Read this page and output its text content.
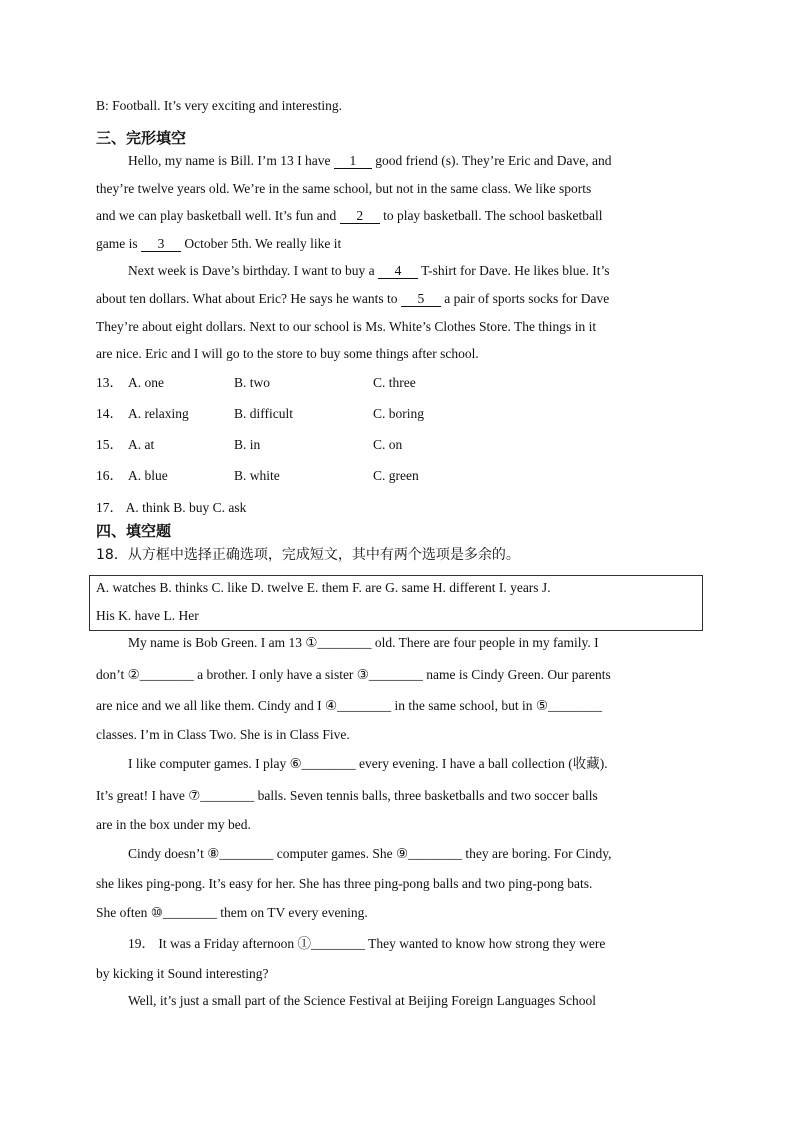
B: Football. It’s very exciting and interesting.
三、完形填空
Hello, my name is Bill. I’m 13 I have 1 good friend (s). They’re Eric and Dave, and
they’re twelve years old. We’re in the same school, but not in the same class. We like sports
and we can play basketball well. It’s fun and 2 to play basketball. The school basketball
game is 3 October 5th. We really like it
Next week is Dave’s birthday. I want to buy a 4 T-shirt for Dave. He likes blue. It’s
about ten dollars. What about Eric? He says he wants to 5 a pair of sports socks for Dave
They’re about eight dollars. Next to our school is Ms. White’s Clothes Store. The things in it
are nice. Eric and I will go to the store to buy some things after school.
13． A. one	B. two	C. three
14． A. relaxing	B. difficult	C. boring
15． A. at	B. in	C. on
16． A. blue	B. white	C. green
17． A. think B. buy C. ask
四、填空题
18．从方框中选择正确选项，完成短文，其中有两个选项是多余的。
A. watches B. thinks C. like D. twelve E. them F. are G. same H. different I. years J.
His K. have L. Her
My name is Bob Green. I am 13 ①________ old. There are four people in my family. I
don’t ②________ a brother. I only have a sister ③________ name is Cindy Green. Our parents
are nice and we all like them. Cindy and I ④________ in the same school, but in ⑤________
classes. I’m in Class Two. She is in Class Five.
I like computer games. I play ⑥________ every evening. I have a ball collection (收藏).
It’s great! I have ⑦________ balls. Seven tennis balls, three basketballs and two soccer balls
are in the box under my bed.
Cindy doesn’t ⑧________ computer games. She ⑨________ they are boring. For Cindy,
she likes ping-pong. It’s easy for her. She has three ping-pong balls and two ping-pong bats.
She often ⑩________ them on TV every evening.
19． It was a Friday afternoon ①________ They wanted to know how strong they were
by kicking it Sound interesting?
Well, it’s just a small part of the Science Festival at Beijing Foreign Languages School
